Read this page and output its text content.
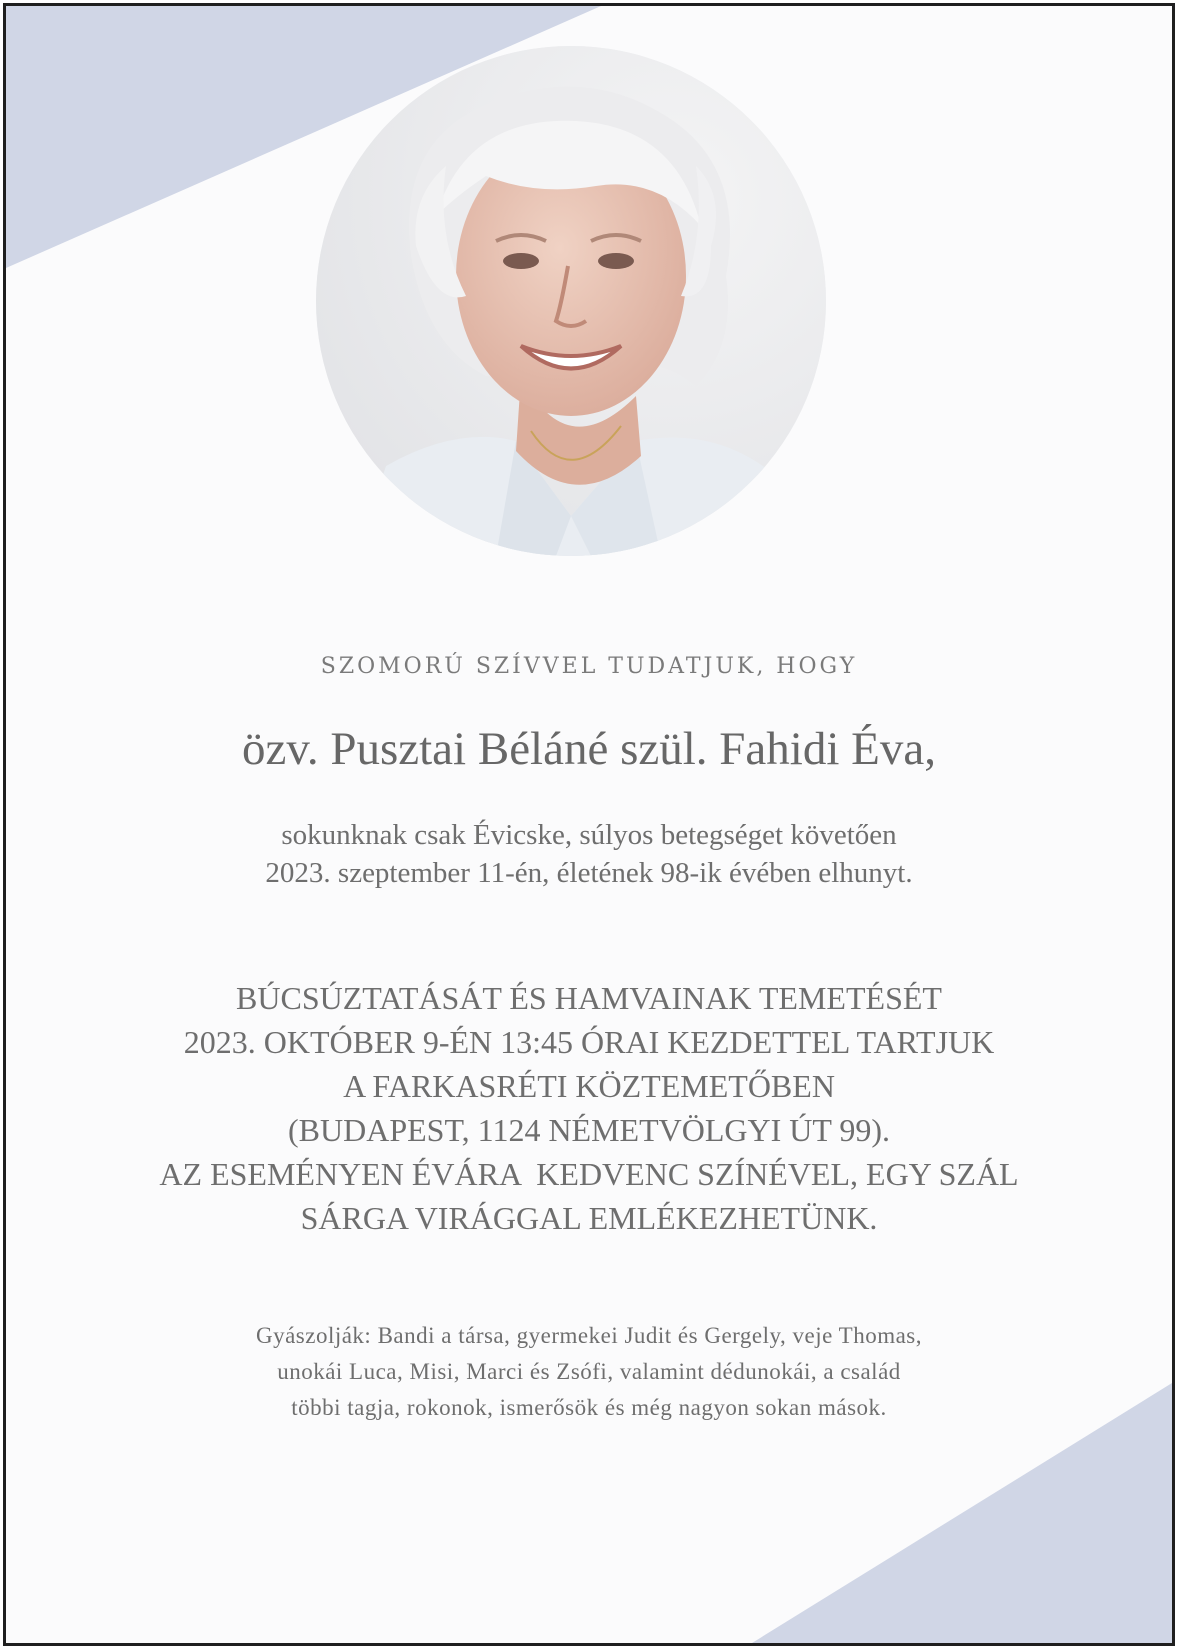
SZOMORÚ SZÍVVEL TUDATJUK, HOGY
özv. Pusztai Béláné szül. Fahidi Éva,
sokunknak csak Évicske, súlyos betegséget követően
2023. szeptember 11-én, életének 98-ik évében elhunyt.
BÚCSÚZTATÁSÁT ÉS HAMVAINAK TEMETÉSÉT
2023. OKTÓBER 9-ÉN 13:45 ÓRAI KEZDETTEL TARTJUK
A FARKASRÉTI KÖZTEMETŐBEN
(BUDAPEST, 1124 NÉMETVÖLGYI ÚT 99).
AZ ESEMÉNYEN ÉVÁRA  KEDVENC SZÍNÉVEL, EGY SZÁL
SÁRGA VIRÁGGAL EMLÉKEZHETÜNK.
Gyászolják: Bandi a társa, gyermekei Judit és Gergely, veje Thomas,
unokái Luca, Misi, Marci és Zsófi, valamint dédunokái, a család
többi tagja, rokonok, ismerősök és még nagyon sokan mások.
